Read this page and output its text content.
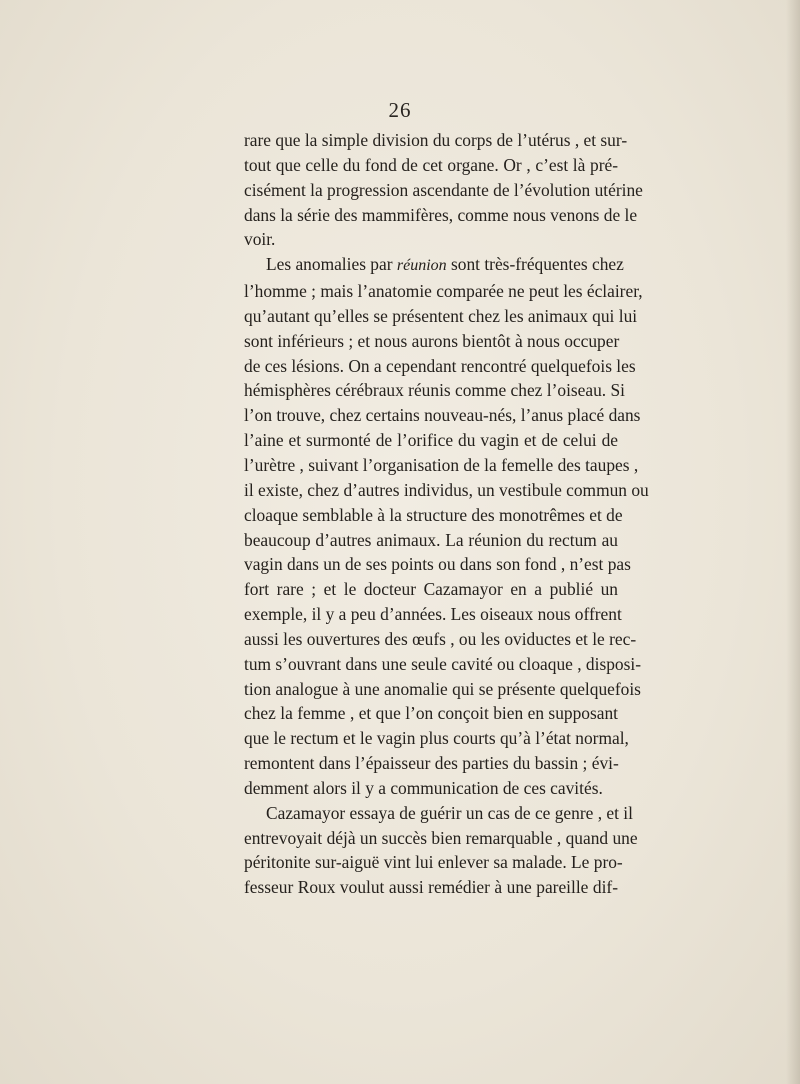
26
rare que la simple division du corps de l’utérus , et sur-
tout que celle du fond de cet organe. Or , c’est là pré-
cisément la progression ascendante de l’évolution utérine
dans la série des mammifères, comme nous venons de le
voir.
Les anomalies par réunion sont très-fréquentes chez
l’homme ; mais l’anatomie comparée ne peut les éclairer,
qu’autant qu’elles se présentent chez les animaux qui lui
sont inférieurs ; et nous aurons bientôt à nous occuper
de ces lésions. On a cependant rencontré quelquefois les
hémisphères cérébraux réunis comme chez l’oiseau. Si
l’on trouve, chez certains nouveau-nés, l’anus placé dans
l’aine et surmonté de l’orifice du vagin et de celui de
l’urètre , suivant l’organisation de la femelle des taupes ,
il existe, chez d’autres individus, un vestibule commun ou
cloaque semblable à la structure des monotrêmes et de
beaucoup d’autres animaux. La réunion du rectum au
vagin dans un de ses points ou dans son fond , n’est pas
fort rare ; et le docteur Cazamayor en a publié un
exemple, il y a peu d’années. Les oiseaux nous offrent
aussi les ouvertures des œufs , ou les oviductes et le rec-
tum s’ouvrant dans une seule cavité ou cloaque , disposi-
tion analogue à une anomalie qui se présente quelquefois
chez la femme , et que l’on conçoit bien en supposant
que le rectum et le vagin plus courts qu’à l’état normal,
remontent dans l’épaisseur des parties du bassin ; évi-
demment alors il y a communication de ces cavités.
Cazamayor essaya de guérir un cas de ce genre , et il
entrevoyait déjà un succès bien remarquable , quand une
péritonite sur-aiguë vint lui enlever sa malade. Le pro-
fesseur Roux voulut aussi remédier à une pareille dif-
